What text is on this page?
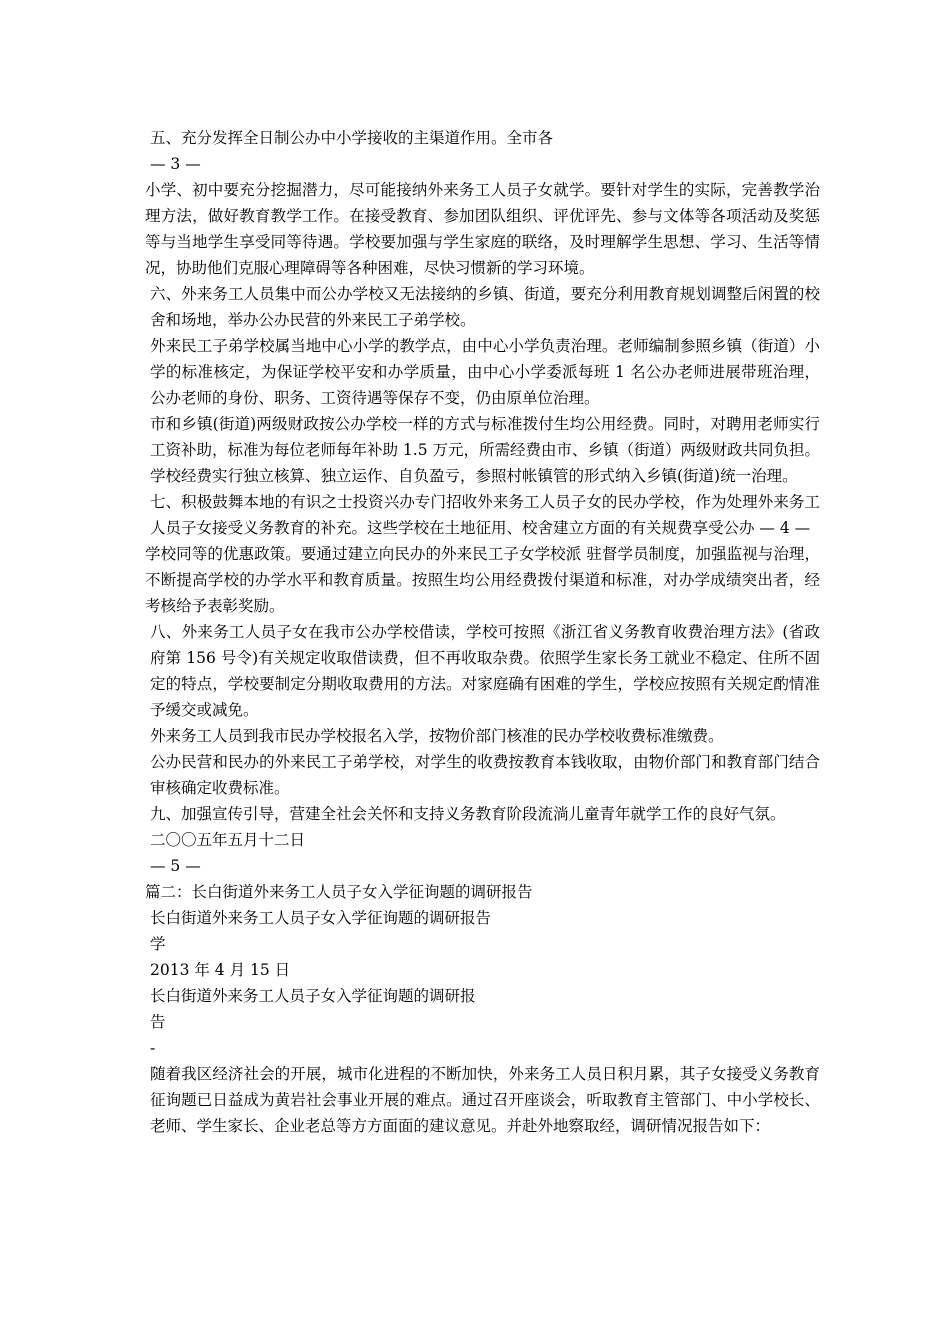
五、充分发挥全日制公办中小学接收的主渠道作用。全市各

— 3 —

小学、初中要充分挖掘潜力，尽可能接纳外来务工人员子女就学。要针对学生的实际，完善教学治理方法，做好教育教学工作。在接受教育、参加团队组织、评优评先、参与文体等各项活动及奖惩等与当地学生享受同等待遇。学校要加强与学生家庭的联络，及时理解学生思想、学习、生活等情况，协助他们克服心理障碍等各种困难，尽快习惯新的学习环境。

六、外来务工人员集中而公办学校又无法接纳的乡镇、街道，要充分利用教育规划调整后闲置的校舍和场地，举办公办民营的外来民工子弟学校。

外来民工子弟学校属当地中心小学的教学点，由中心小学负责治理。老师编制参照乡镇（街道）小学的标准核定，为保证学校平安和办学质量，由中心小学委派每班 1 名公办老师进展带班治理，公办老师的身份、职务、工资待遇等保存不变，仍由原单位治理。

市和乡镇(街道)两级财政按公办学校一样的方式与标准拨付生均公用经费。同时，对聘用老师实行工资补助，标准为每位老师每年补助 1.5 万元，所需经费由市、乡镇（街道）两级财政共同负担。学校经费实行独立核算、独立运作、自负盈亏，参照村帐镇管的形式纳入乡镇(街道)统一治理。

七、积极鼓舞本地的有识之士投资兴办专门招收外来务工人员子女的民办学校，作为处理外来务工人员子女接受义务教育的补充。这些学校在土地征用、校舍建立方面的有关规费享受公办 — 4 —

学校同等的优惠政策。要通过建立向民办的外来民工子女学校派 驻督学员制度，加强监视与治理，不断提高学校的办学水平和教育质量。按照生均公用经费拨付渠道和标准，对办学成绩突出者，经考核给予表彰奖励。

八、外来务工人员子女在我市公办学校借读，学校可按照《浙江省义务教育收费治理方法》(省政府第 156 号令)有关规定收取借读费，但不再收取杂费。依照学生家长务工就业不稳定、住所不固定的特点，学校要制定分期收取费用的方法。对家庭确有困难的学生，学校应按照有关规定酌情准予缓交或减免。

外来务工人员到我市民办学校报名入学，按物价部门核准的民办学校收费标准缴费。

公办民营和民办的外来民工子弟学校，对学生的收费按教育本钱收取，由物价部门和教育部门结合审核确定收费标准。

九、加强宣传引导，营建全社会关怀和支持义务教育阶段流淌儿童青年就学工作的良好气氛。

二〇〇五年五月十二日

— 5 —

篇二：长白街道外来务工人员子女入学征询题的调研报告

长白街道外来务工人员子女入学征询题的调研报告

学

2013 年 4 月 15 日

长白街道外来务工人员子女入学征询题的调研报

告

-

随着我区经济社会的开展，城市化进程的不断加快，外来务工人员日积月累，其子女接受义务教育征询题已日益成为黄岩社会事业开展的难点。通过召开座谈会，听取教育主管部门、中小学校长、老师、学生家长、企业老总等方方面面的建议意见。并赴外地察取经，调研情况报告如下：
